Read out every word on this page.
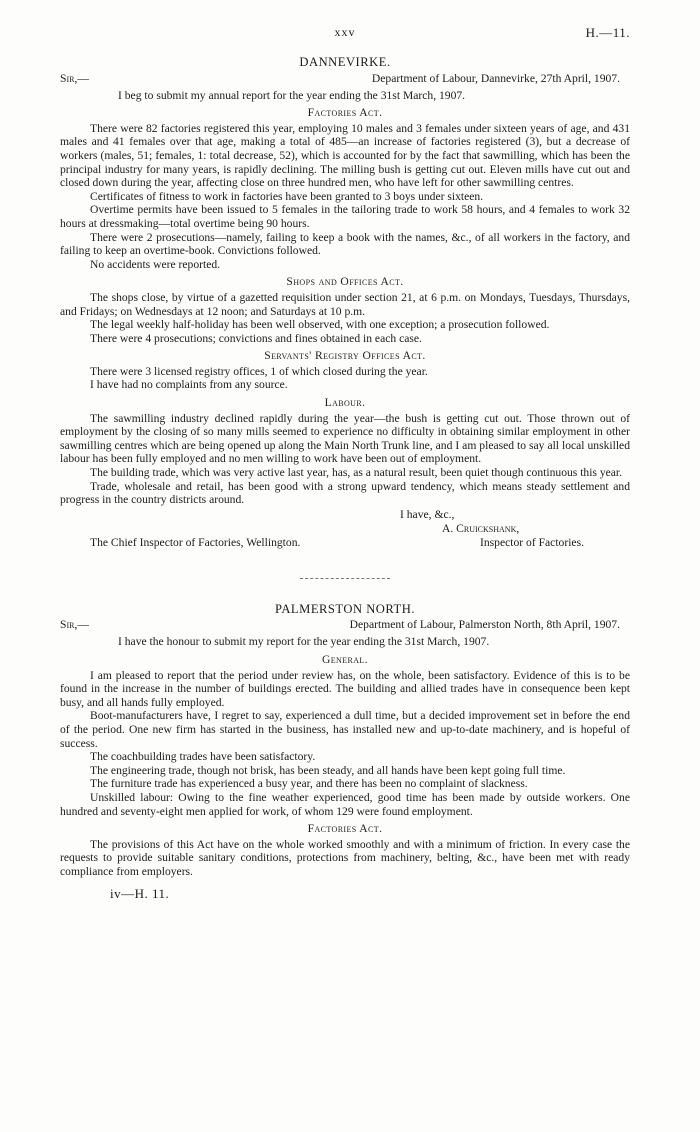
xxv	H.—11.
DANNEVIRKE.
Sir,—	Department of Labour, Dannevirke, 27th April, 1907.
I beg to submit my annual report for the year ending the 31st March, 1907.
Factories Act.

There were 82 factories registered this year, employing 10 males and 3 females under sixteen years of age, and 431 males and 41 females over that age, making a total of 485—an increase of factories registered (3), but a decrease of workers (males, 51; females, 1: total decrease, 52), which is accounted for by the fact that sawmilling, which has been the principal industry for many years, is rapidly declining. The milling bush is getting cut out. Eleven mills have cut out and closed down during the year, affecting close on three hundred men, who have left for other sawmilling centres.

Certificates of fitness to work in factories have been granted to 3 boys under sixteen.

Overtime permits have been issued to 5 females in the tailoring trade to work 58 hours, and 4 females to work 32 hours at dressmaking—total overtime being 90 hours.

There were 2 prosecutions—namely, failing to keep a book with the names, &c., of all workers in the factory, and failing to keep an overtime-book. Convictions followed.

No accidents were reported.

Shops and Offices Act.

The shops close, by virtue of a gazetted requisition under section 21, at 6 p.m. on Mondays, Tuesdays, Thursdays, and Fridays; on Wednesdays at 12 noon; and Saturdays at 10 p.m.

The legal weekly half-holiday has been well observed, with one exception; a prosecution followed.

There were 4 prosecutions; convictions and fines obtained in each case.

Servants' Registry Offices Act.

There were 3 licensed registry offices, 1 of which closed during the year.

I have had no complaints from any source.

Labour.

The sawmilling industry declined rapidly during the year—the bush is getting cut out. Those thrown out of employment by the closing of so many mills seemed to experience no difficulty in obtaining similar employment in other sawmilling centres which are being opened up along the Main North Trunk line, and I am pleased to say all local unskilled labour has been fully employed and no men willing to work have been out of employment.

The building trade, which was very active last year, has, as a natural result, been quiet though continuous this year.

Trade, wholesale and retail, has been good with a strong upward tendency, which means steady settlement and progress in the country districts around.

I have, &c.,
A. Cruickshank,
The Chief Inspector of Factories, Wellington.	Inspector of Factories.
PALMERSTON NORTH.
Sir,—	Department of Labour, Palmerston North, 8th April, 1907.
I have the honour to submit my report for the year ending the 31st March, 1907.
General.

I am pleased to report that the period under review has, on the whole, been satisfactory. Evidence of this is to be found in the increase in the number of buildings erected. The building and allied trades have in consequence been kept busy, and all hands fully employed.

Boot-manufacturers have, I regret to say, experienced a dull time, but a decided improvement set in before the end of the period. One new firm has started in the business, has installed new and up-to-date machinery, and is hopeful of success.

The coachbuilding trades have been satisfactory.

The engineering trade, though not brisk, has been steady, and all hands have been kept going full time.

The furniture trade has experienced a busy year, and there has been no complaint of slackness.

Unskilled labour: Owing to the fine weather experienced, good time has been made by outside workers. One hundred and seventy-eight men applied for work, of whom 129 were found employment.

Factories Act.

The provisions of this Act have on the whole worked smoothly and with a minimum of friction. In every case the requests to provide suitable sanitary conditions, protections from machinery, belting, &c., have been met with ready compliance from employers.

iv—H. 11.
